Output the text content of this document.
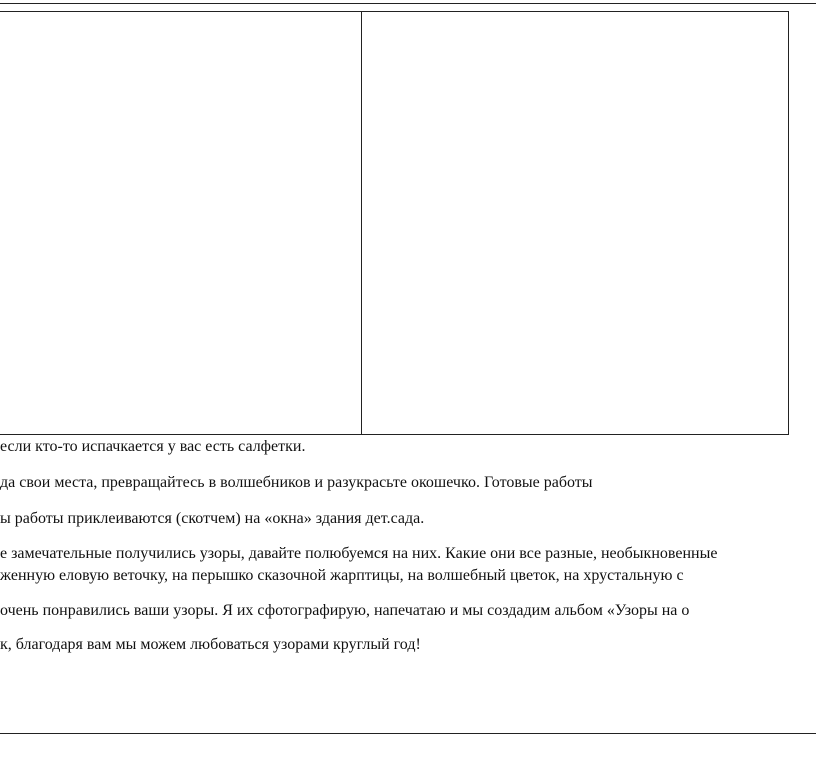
если кто-то испачкается у вас есть салфетки.
да свои места, превращайтесь в волшебников и разукрасьте окошечко. Готовые работы
ы работы приклеиваются (скотчем) на «окна» здания дет.сада.
е замечательные получились узоры, давайте полюбуемся на них. Какие они все разные, необыкновенные
женную еловую веточку, на перышко сказочной жарптицы, на волшебный цветок, на хрустальную с
очень понравились ваши узоры. Я их сфотографирую, напечатаю и мы создадим альбом «Узоры на о
к, благодаря вам мы можем любоваться узорами круглый год!
